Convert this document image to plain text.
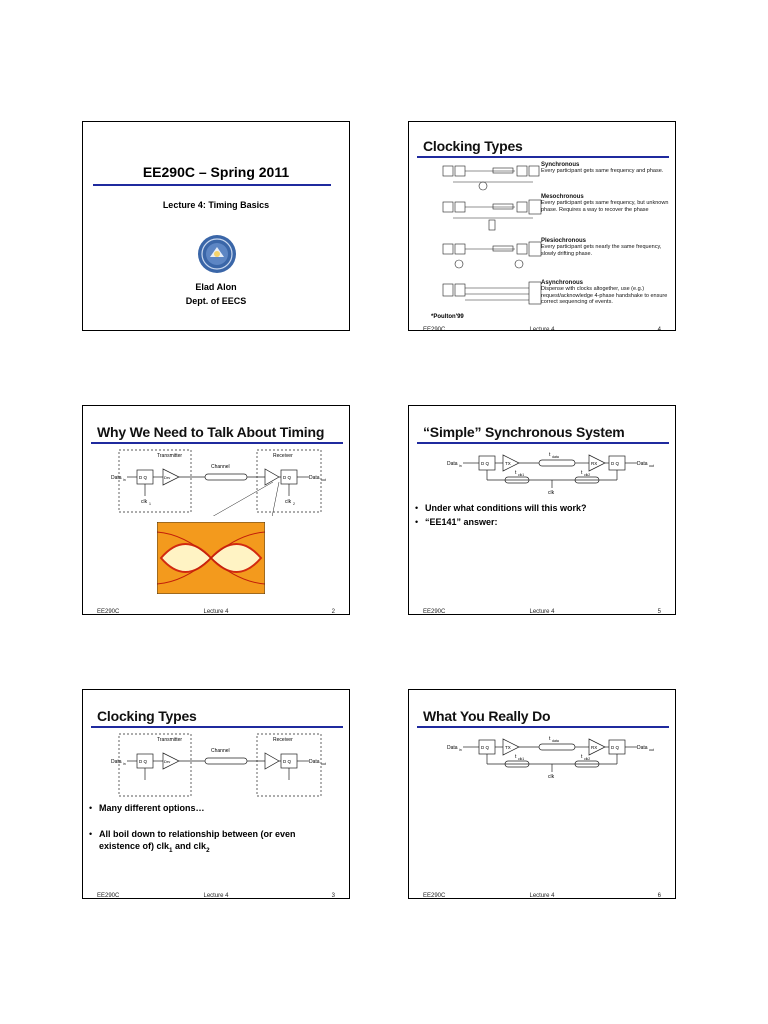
EE290C – Spring 2011
Lecture 4: Timing Basics
Elad Alon
Dept. of EECS
Clocking Types
Synchronous
Every participant gets same frequency and phase.
Mesochronous
Every participant gets same frequency, but unknown phase. Requires a way to recover the phase
Plesiochronous
Every participant gets nearly the same frequency, slowly drifting phase.
Asynchronous
Dispense with clocks altogether, use (e.g.) request/acknowledge 4-phase handshake to ensure correct sequencing of events.
*Poulton'99
EE290C	Lecture 4	4
Why We Need to Talk About Timing
Transmitter	Receiver
Channel
D Q	D Q
Drv
Data in	Data out
clk 1	clk 2
EE290C	Lecture 4	2
“Simple” Synchronous System
Data in	Data out
D Q	D Q
TX	RX
t data
t clk1	t clk2
clk
• Under what conditions will this work?
• “EE141” answer:
EE290C	Lecture 4	5
Clocking Types
Transmitter	Receiver
Channel
D Q	D Q
Drv
Data in	Data out
• Many different options…
• All boil down to relationship between (or even
existence of) clk$_1$ and clk$_2$
EE290C	Lecture 4	3
What You Really Do
Data in	Data out
D Q	D Q
TX	RX
t data
t clk1	t clk2
clk
EE290C	Lecture 4	6
